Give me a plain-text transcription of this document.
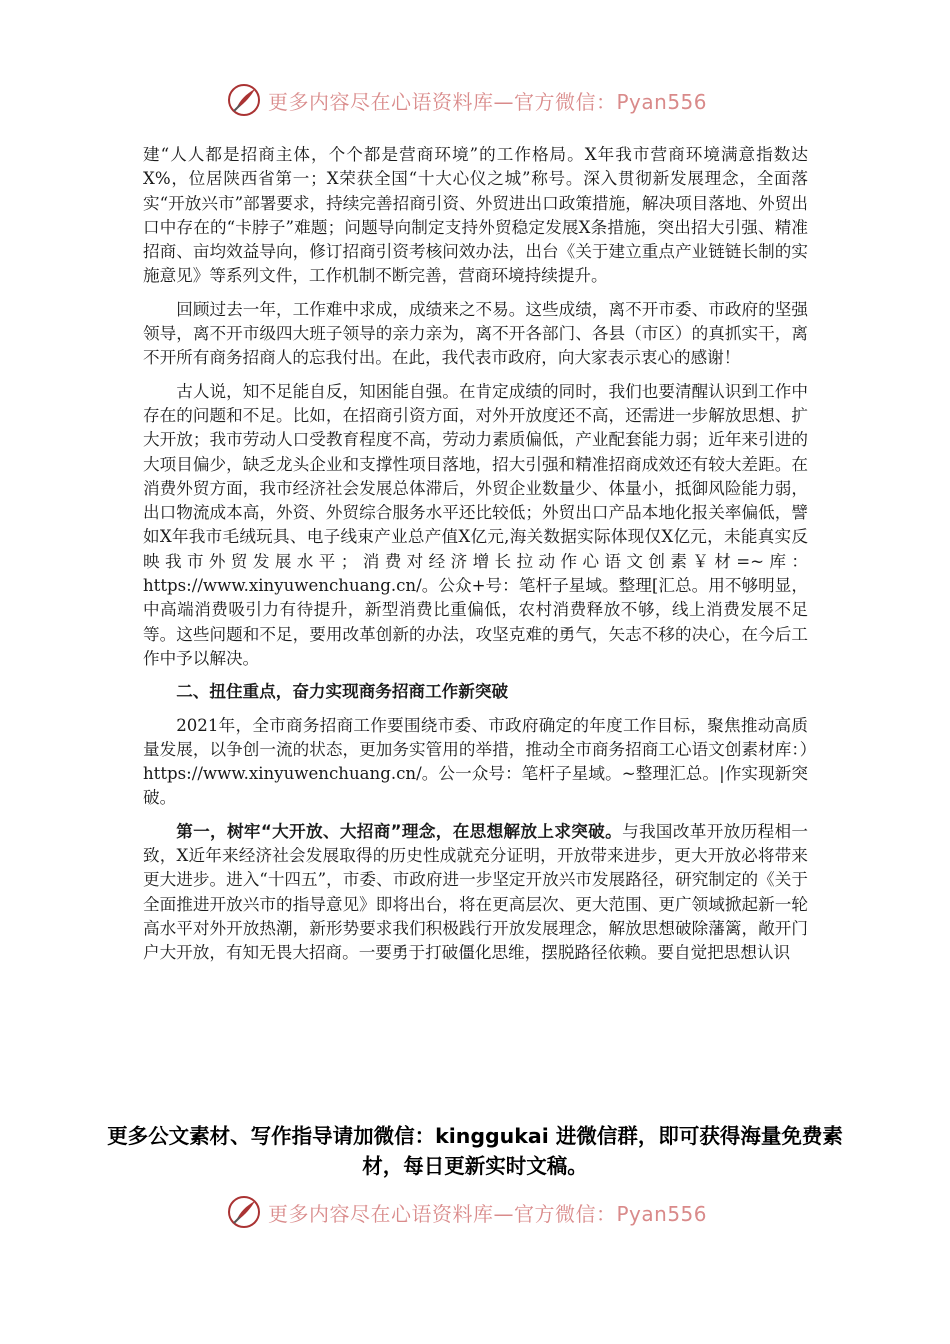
更多内容尽在心语资料库—官方微信：Pyan556

建“人人都是招商主体，个个都是营商环境”的工作格局。X年我市营商环境满意指数达X%，位居陕西省第一；X荣获全国“十大心仪之城”称号。深入贯彻新发展理念，全面落实“开放兴市”部署要求，持续完善招商引资、外贸进出口政策措施，解决项目落地、外贸出口中存在的“卡脖子”难题；问题导向制定支持外贸稳定发展X条措施，突出招大引强、精准招商、亩均效益导向，修订招商引资考核问效办法，出台《关于建立重点产业链链长制的实施意见》等系列文件，工作机制不断完善，营商环境持续提升。

回顾过去一年，工作难中求成，成绩来之不易。这些成绩，离不开市委、市政府的坚强领导，离不开市级四大班子领导的亲力亲为，离不开各部门、各县（市区）的真抓实干，离不开所有商务招商人的忘我付出。在此，我代表市政府，向大家表示衷心的感谢！

古人说，知不足能自反，知困能自强。在肯定成绩的同时，我们也要清醒认识到工作中存在的问题和不足。比如，在招商引资方面，对外开放度还不高，还需进一步解放思想、扩大开放；我市劳动人口受教育程度不高，劳动力素质偏低，产业配套能力弱；近年来引进的大项目偏少，缺乏龙头企业和支撑性项目落地，招大引强和精准招商成效还有较大差距。在消费外贸方面，我市经济社会发展总体滞后，外贸企业数量少、体量小，抵御风险能力弱，出口物流成本高，外资、外贸综合服务水平还比较低；外贸出口产品本地化报关率偏低，譬如X年我市毛绒玩具、电子线束产业总产值X亿元,海关数据实际体现仅X亿元，未能真实反映我市外贸发展水平；消费对经济增长拉动作心语文创素￥材=~库：https://www.xinyuwenchuang.cn/。公众+号：笔杆子星域。整理[汇总。用不够明显，中高端消费吸引力有待提升，新型消费比重偏低，农村消费释放不够，线上消费发展不足等。这些问题和不足，要用改革创新的办法，攻坚克难的勇气，矢志不移的决心，在今后工作中予以解决。

二、扭住重点，奋力实现商务招商工作新突破

2021年，全市商务招商工作要围绕市委、市政府确定的年度工作目标，聚焦推动高质量发展，以争创一流的状态，更加务实管用的举措，推动全市商务招商工心语文创素材库：）https://www.xinyuwenchuang.cn/。公一众号：笔杆子星域。~整理汇总。|作实现新突破。

第一，树牢“大开放、大招商”理念，在思想解放上求突破。与我国改革开放历程相一致，X近年来经济社会发展取得的历史性成就充分证明，开放带来进步，更大开放必将带来更大进步。进入“十四五”，市委、市政府进一步坚定开放兴市发展路径，研究制定的《关于全面推进开放兴市的指导意见》即将出台，将在更高层次、更大范围、更广领域掀起新一轮高水平对外开放热潮，新形势要求我们积极践行开放发展理念，解放思想破除藩篱，敞开门户大开放，有知无畏大招商。一要勇于打破僵化思维，摆脱路径依赖。要自觉把思想认识

更多公文素材、写作指导请加微信：kinggukai 进微信群，即可获得海量免费素材，每日更新实时文稿。
更多内容尽在心语资料库—官方微信：Pyan556
